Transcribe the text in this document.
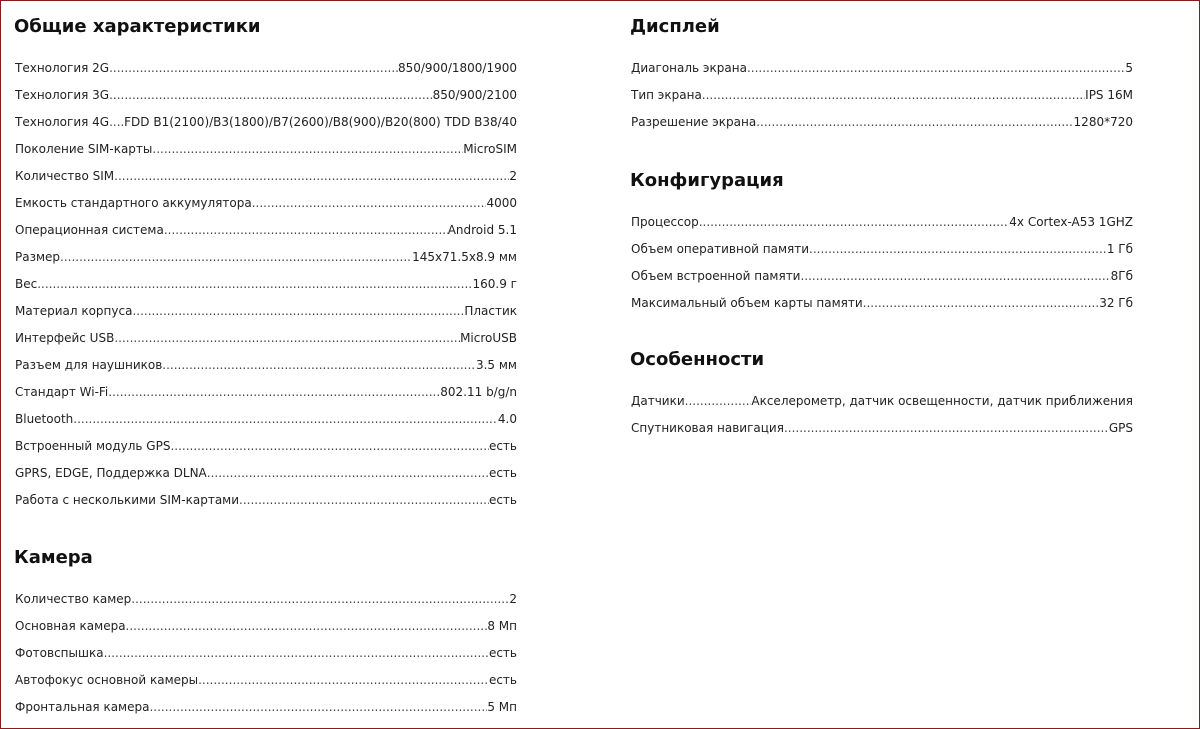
Общие характеристики
Технология 2G .....	850/900/1800/1900
Технология 3G .....	850/900/2100
Технология 4G ..... FDD B1(2100)/B3(1800)/B7(2600)/B8(900)/B20(800) TDD B38/40
Поколение SIM-карты .....	MicroSIM
Количество SIM .....	2
Емкость стандартного аккумулятора .....	4000
Операционная система .....	Android 5.1
Размер .....	145x71.5x8.9 мм
Вес .....	160.9 г
Материал корпуса .....	Пластик
Интерфейс USB .....	MicroUSB
Разъем для наушников .....	3.5 мм
Стандарт Wi-Fi .....	802.11 b/g/n
Bluetooth .....	4.0
Встроенный модуль GPS .....	есть
GPRS, EDGE, Поддержка DLNA .....	есть
Работа с несколькими SIM-картами .....	есть
Камера
Количество камер .....	2
Основная камера .....	8 Мп
Фотовспышка .....	есть
Автофокус основной камеры .....	есть
Фронтальная камера .....	5 Мп
Дисплей
Диагональ экрана .....	5
Тип экрана .....	IPS 16M
Разрешение экрана .....	1280*720
Конфигурация
Процессор .....	4x Cortex-A53 1GHZ
Объем оперативной памяти .....	1 Гб
Объем встроенной памяти .....	8Гб
Максимальный объем карты памяти .....	32 Гб
Особенности
Датчики .....	Акселерометр, датчик освещенности, датчик приближения
Спутниковая навигация .....	GPS
